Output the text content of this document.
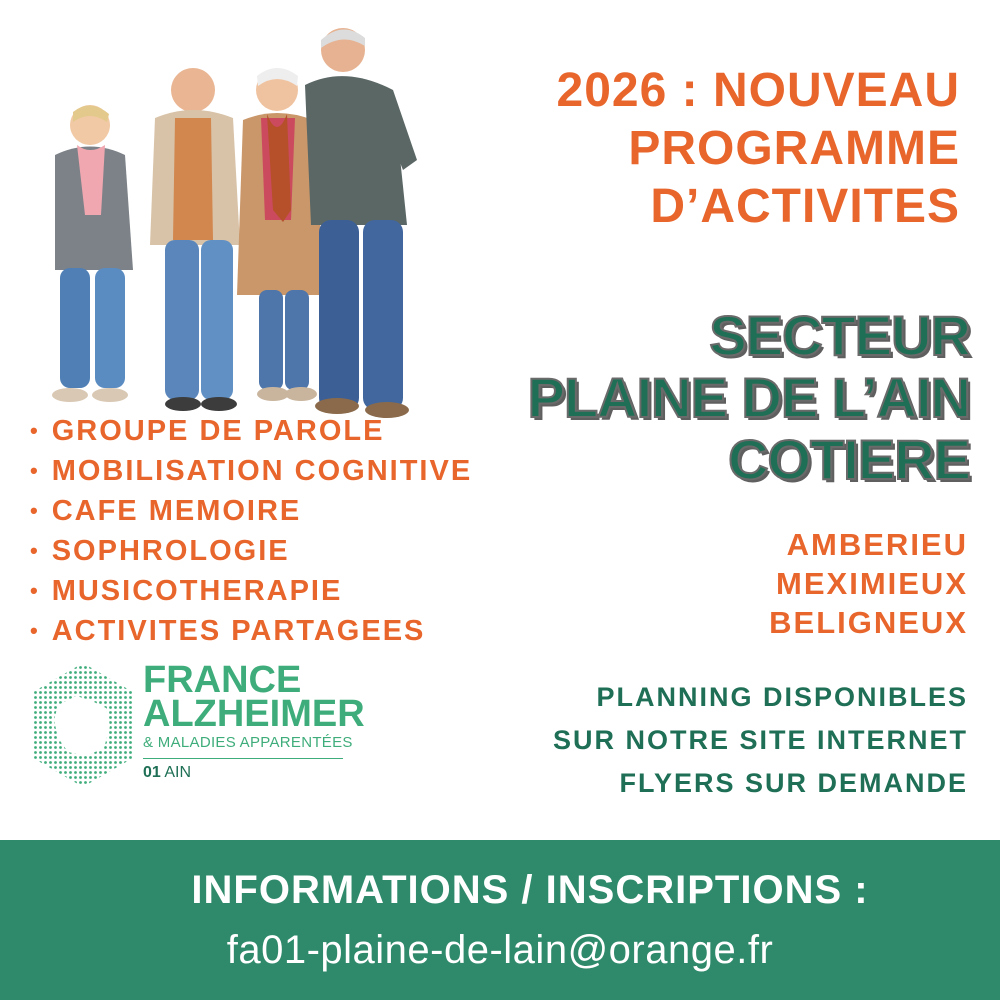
2026 : NOUVEAU
PROGRAMME
D’ACTIVITES
SECTEUR
PLAINE DE L’AIN
COTIERE
AMBERIEU
MEXIMIEUX
BELIGNEUX
• GROUPE DE PAROLE
• MOBILISATION COGNITIVE
• CAFE MEMOIRE
• SOPHROLOGIE
• MUSICOTHERAPIE
• ACTIVITES PARTAGEES
FRANCE
ALZHEIMER
& MALADIES APPARENTÉES
01 AIN
PLANNING DISPONIBLES
SUR NOTRE SITE INTERNET
FLYERS SUR DEMANDE
INFORMATIONS / INSCRIPTIONS :
fa01-plaine-de-lain@orange.fr
